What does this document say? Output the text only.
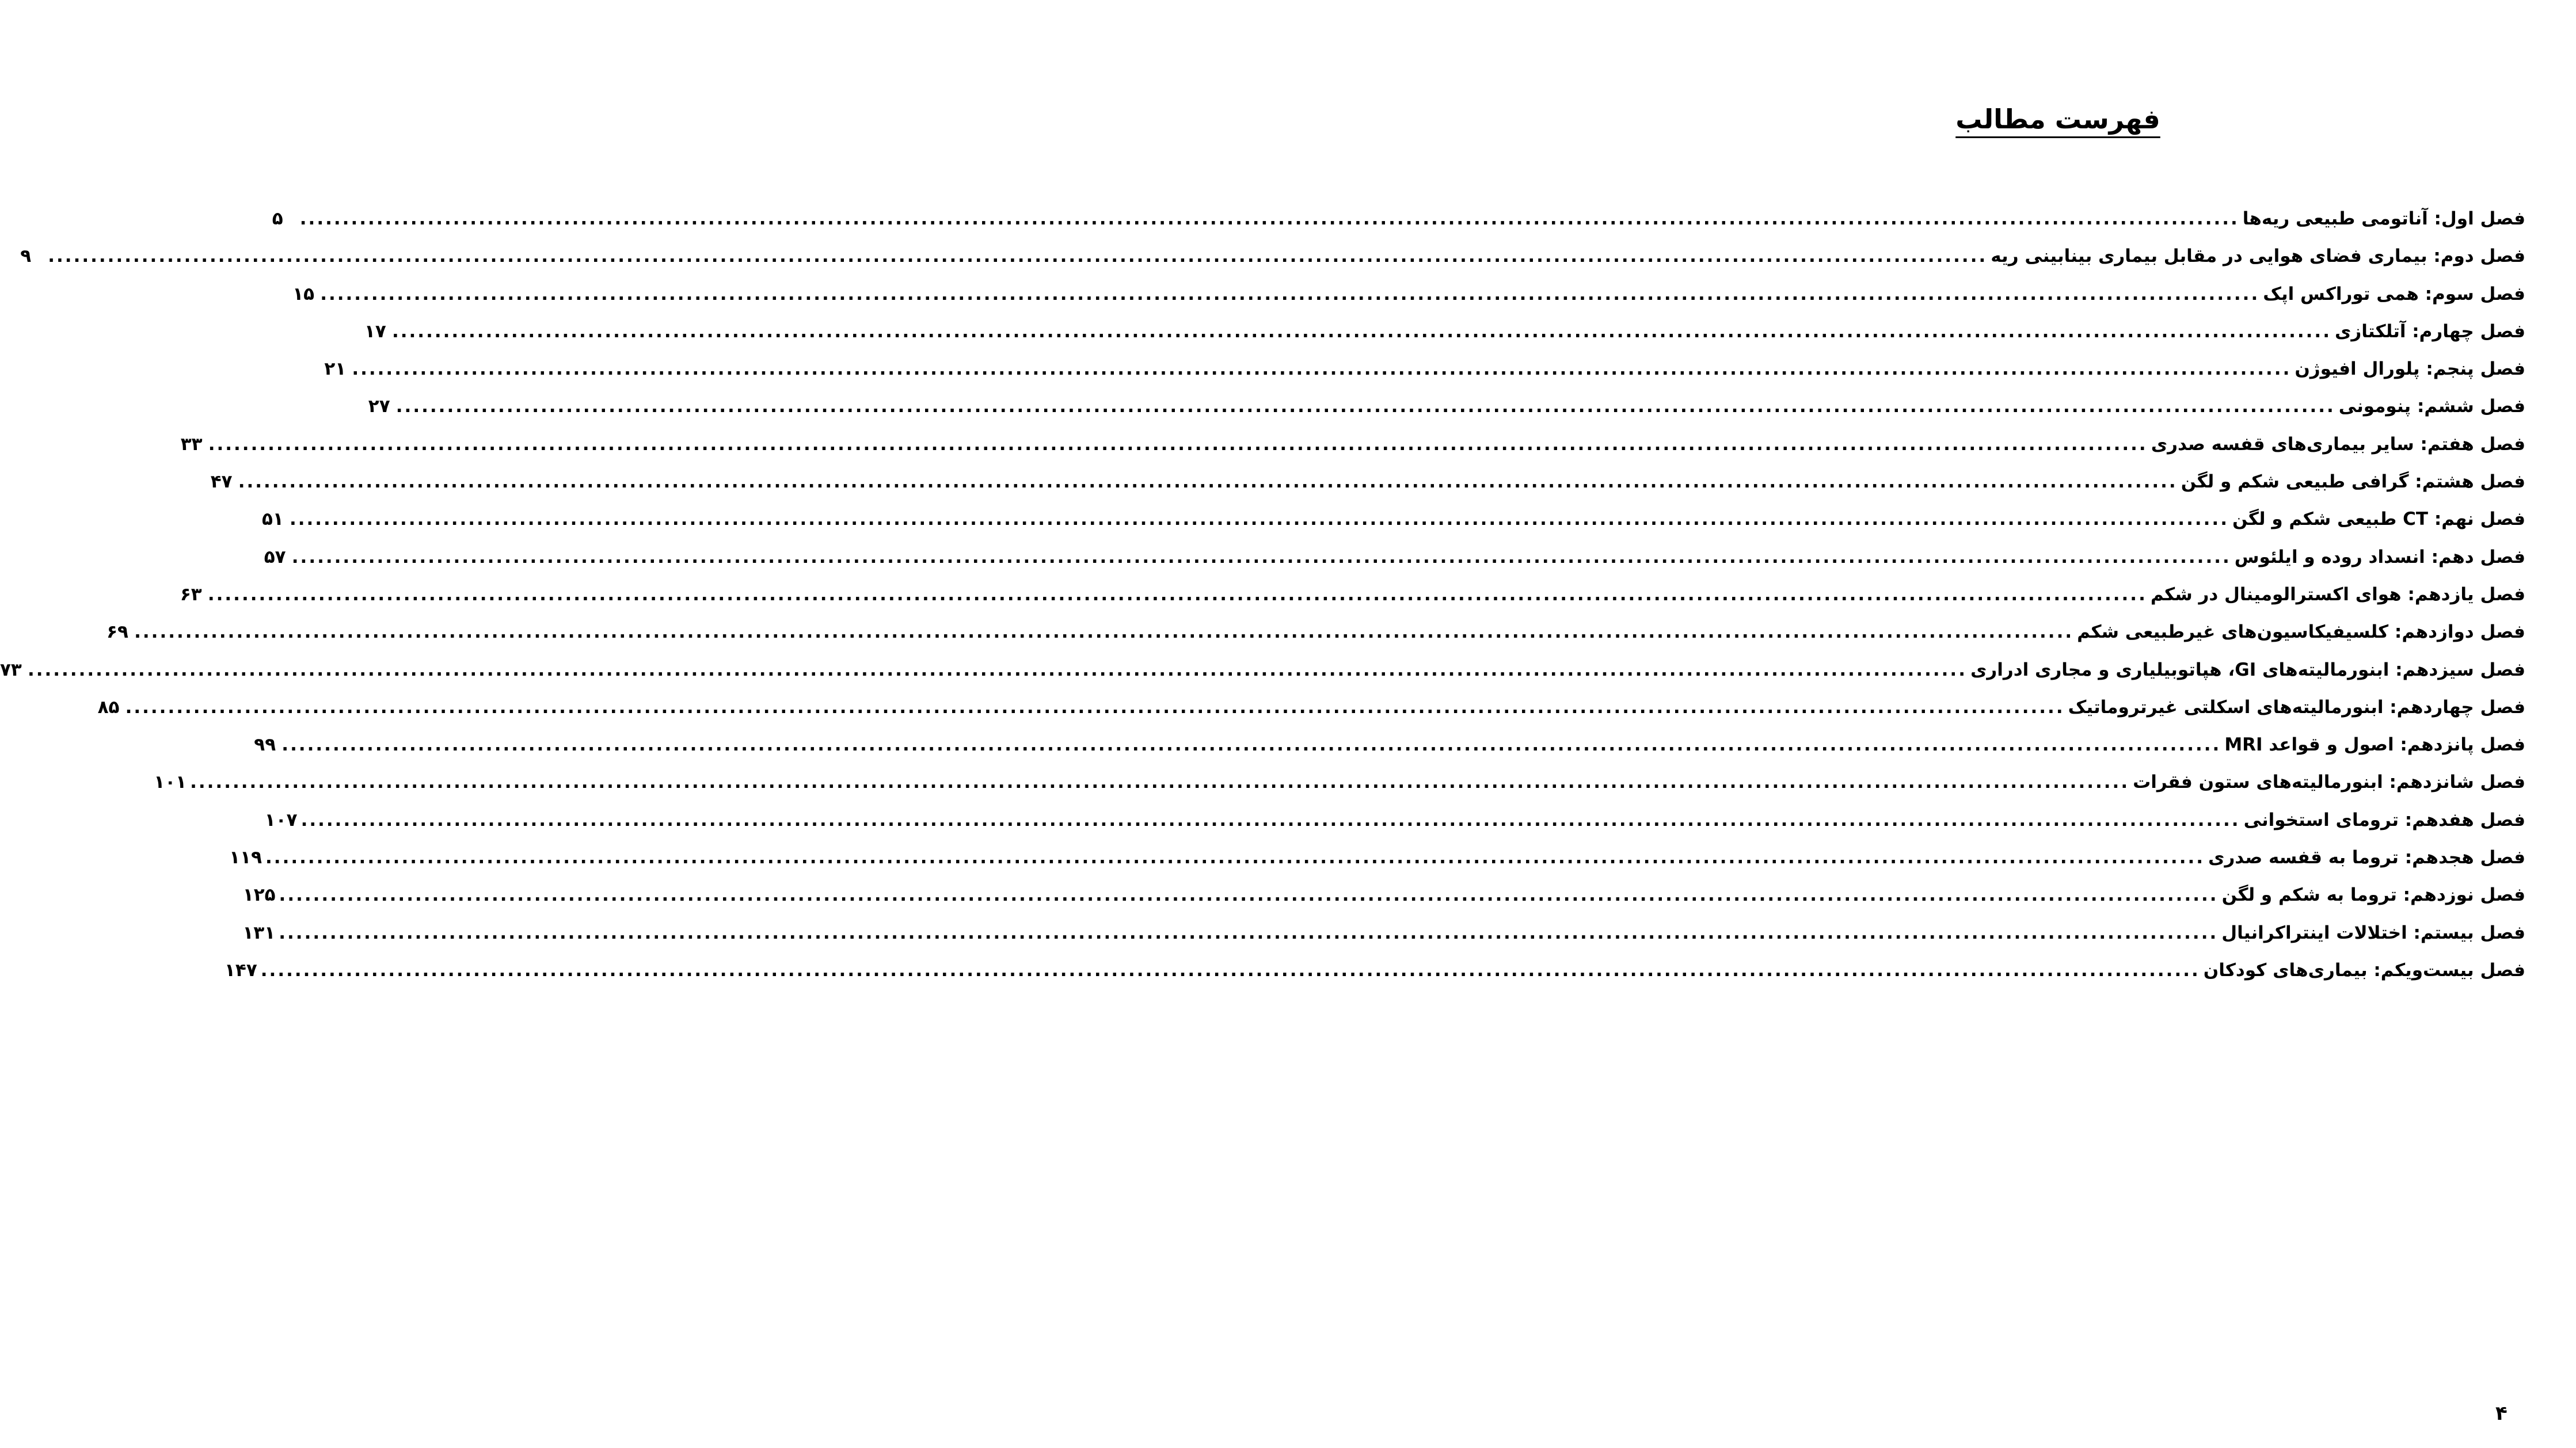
فهرست مطالب
فصل اول: آناتومی طبیعی ریه‌ها
....................................................................................................................................................................................................................................
۵
فصل دوم: بیماری فضای هوایی در مقابل بیماری بینابینی ریه
....................................................................................................................................................................................................................................
۹
فصل سوم: همی توراکس اپک
....................................................................................................................................................................................................................................
۱۵
فصل چهارم: آتلکتازی
....................................................................................................................................................................................................................................
۱۷
فصل پنجم: پلورال افیوژن
....................................................................................................................................................................................................................................
۲۱
فصل ششم: پنومونی
....................................................................................................................................................................................................................................
۲۷
فصل هفتم: سایر بیماری‌های قفسه صدری
....................................................................................................................................................................................................................................
۳۳
فصل هشتم: گرافی طبیعی شکم و لگن
....................................................................................................................................................................................................................................
۴۷
فصل نهم: CT طبیعی شکم و لگن
....................................................................................................................................................................................................................................
۵۱
فصل دهم: انسداد روده و ایلئوس
....................................................................................................................................................................................................................................
۵۷
فصل یازدهم: هوای اکسترالومینال در شکم
....................................................................................................................................................................................................................................
۶۳
فصل دوازدهم: کلسیفیکاسیون‌های غیرطبیعی شکم
....................................................................................................................................................................................................................................
۶۹
فصل سیزدهم: ابنورمالیته‌های GI، هپاتوبیلیاری و مجاری ادراری
....................................................................................................................................................................................................................................
۷۳
فصل چهاردهم: ابنورمالیته‌های اسکلتی غیرتروماتیک
....................................................................................................................................................................................................................................
۸۵
فصل پانزدهم: اصول و قواعد MRI
....................................................................................................................................................................................................................................
۹۹
فصل شانزدهم: ابنورمالیته‌های ستون فقرات
....................................................................................................................................................................................................................................
۱۰۱
فصل هفدهم: ترومای استخوانی
....................................................................................................................................................................................................................................
۱۰۷
فصل هجدهم: تروما به قفسه صدری
....................................................................................................................................................................................................................................
۱۱۹
فصل نوزدهم: تروما به شکم و لگن
....................................................................................................................................................................................................................................
۱۲۵
فصل بیستم: اختلالات اینتراکرانیال
....................................................................................................................................................................................................................................
۱۳۱
فصل بیست‌ویکم: بیماری‌های کودکان
....................................................................................................................................................................................................................................
۱۴۷
۴
